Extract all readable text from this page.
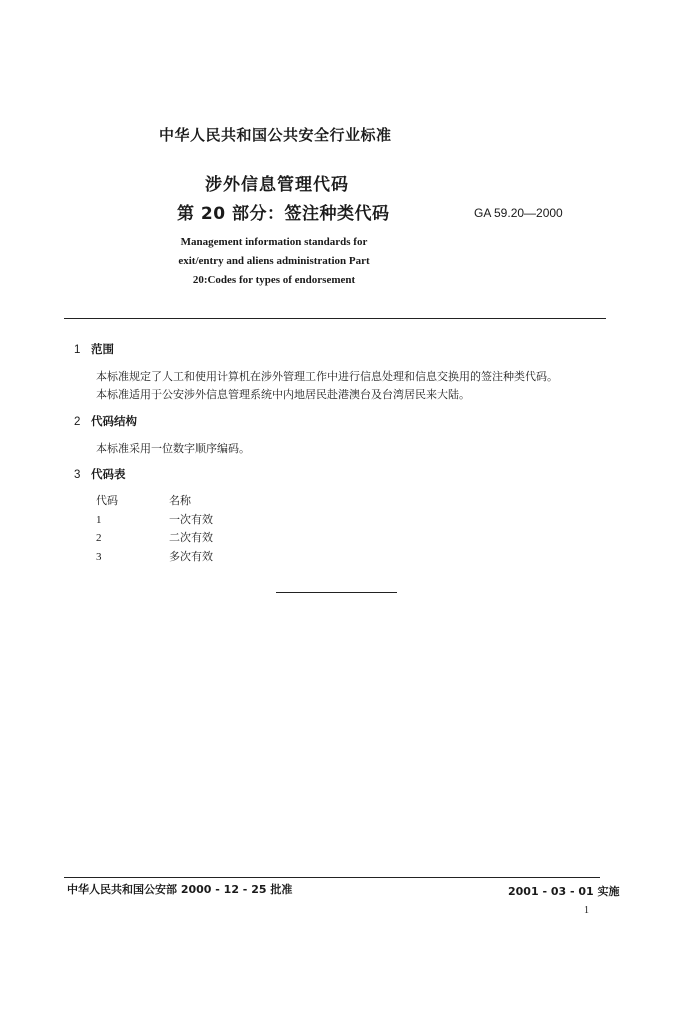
中华人民共和国公共安全行业标准
涉外信息管理代码
第 20 部分：签注种类代码	GA 59.20—2000
Management information standards for exit/entry and aliens administration Part 20:Codes for types of endorsement
1 范围
本标准规定了人工和使用计算机在涉外管理工作中进行信息处理和信息交换用的签注种类代码。
本标准适用于公安涉外信息管理系统中内地居民赴港澳台及台湾居民来大陆。
2 代码结构
本标准采用一位数字顺序编码。
3 代码表
代码	名称
1	一次有效
2	二次有效
3	多次有效
中华人民共和国公安部 2000 - 12 - 25 批准	2001 - 03 - 01 实施
1
